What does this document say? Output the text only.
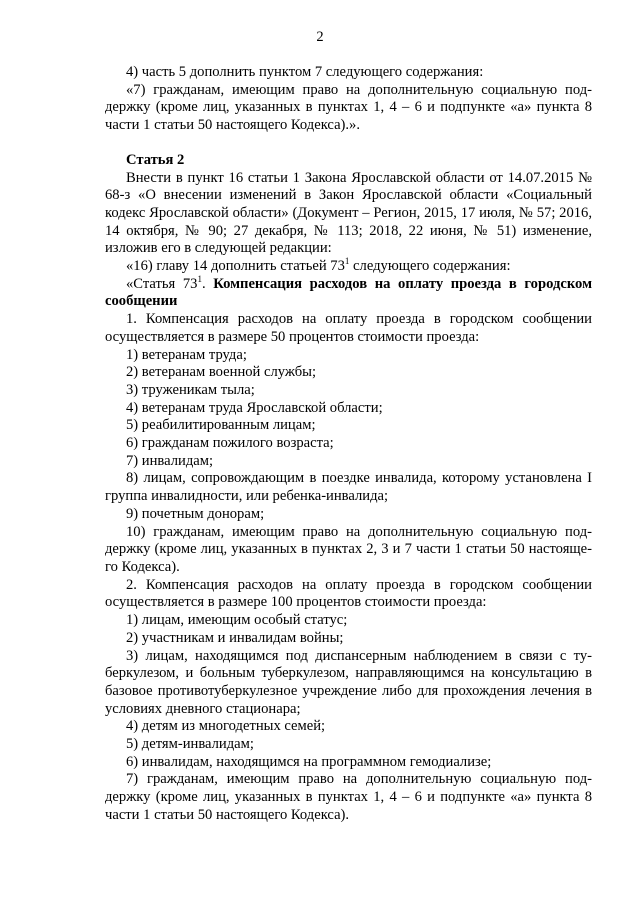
2

4) часть 5 дополнить пунктом 7 следующего содержания:

«7) гражданам, имеющим право на дополнительную социальную поддержку (кроме лиц, указанных в пунктах 1, 4 – 6 и подпункте «а» пункта 8 части 1 статьи 50 настоящего Кодекса).».

Статья 2

Внести в пункт 16 статьи 1 Закона Ярославской области от 14.07.2015 № 68-з «О внесении изменений в Закон Ярославской области «Социальный кодекс Ярославской области» (Документ – Регион, 2015, 17 июля, № 57; 2016, 14 октября, № 90; 27 декабря, № 113; 2018, 22 июня, № 51) изменение, изложив его в следующей редакции:

«16) главу 14 дополнить статьей $73^1$ следующего содержания:

«Статья $73^1$. Компенсация расходов на оплату проезда в городском сообщении

1. Компенсация расходов на оплату проезда в городском сообщении осуществляется в размере 50 процентов стоимости проезда:

1) ветеранам труда;

2) ветеранам военной службы;

3) труженикам тыла;

4) ветеранам труда Ярославской области;

5) реабилитированным лицам;

6) гражданам пожилого возраста;

7) инвалидам;

8) лицам, сопровождающим в поездке инвалида, которому установлена I группа инвалидности, или ребенка-инвалида;

9) почетным донорам;

10) гражданам, имеющим право на дополнительную социальную поддержку (кроме лиц, указанных в пунктах 2, 3 и 7 части 1 статьи 50 настоящего Кодекса).

2. Компенсация расходов на оплату проезда в городском сообщении осуществляется в размере 100 процентов стоимости проезда:

1) лицам, имеющим особый статус;

2) участникам и инвалидам войны;

3) лицам, находящимся под диспансерным наблюдением в связи с туберкулезом, и больным туберкулезом, направляющимся на консультацию в базовое противотуберкулезное учреждение либо для прохождения лечения в условиях дневного стационара;

4) детям из многодетных семей;

5) детям-инвалидам;

6) инвалидам, находящимся на программном гемодиализе;

7) гражданам, имеющим право на дополнительную социальную поддержку (кроме лиц, указанных в пунктах 1, 4 – 6 и подпункте «а» пункта 8 части 1 статьи 50 настоящего Кодекса).
